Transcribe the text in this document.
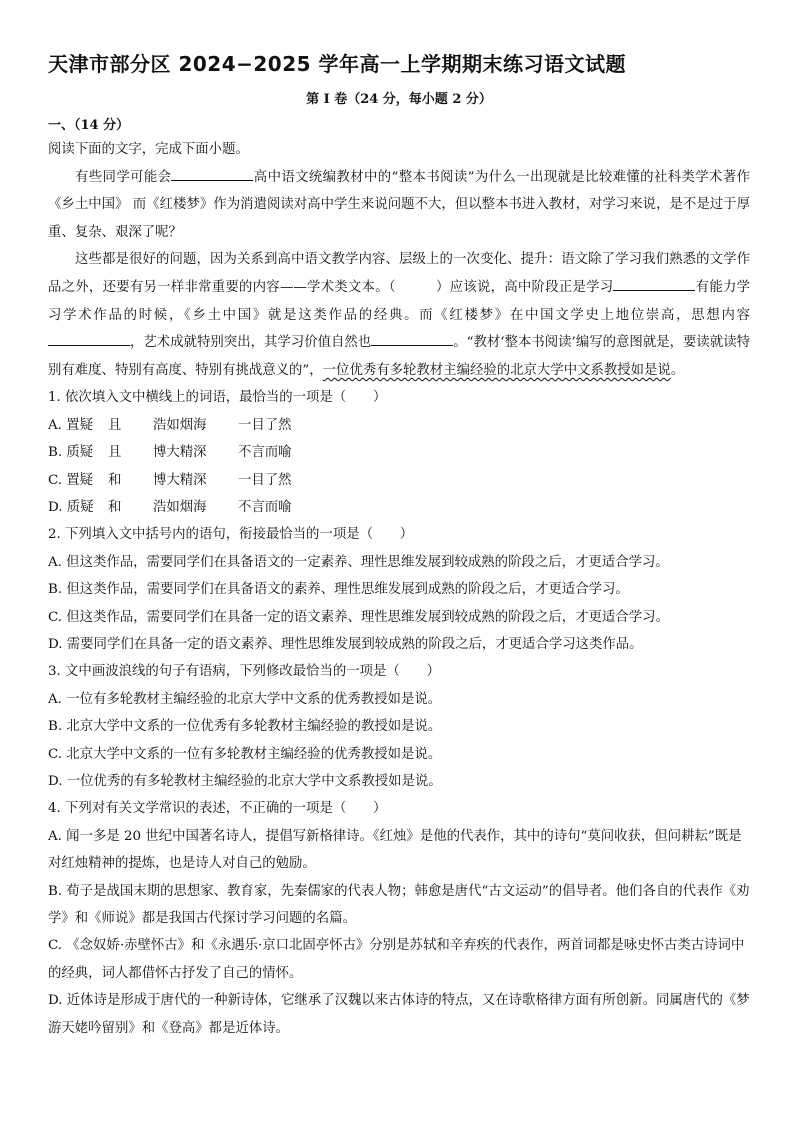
天津市部分区 2024−2025 学年高一上学期期末练习语文试题
第 I 卷（24 分，每小题 2 分）
一、（14 分）

阅读下面的文字，完成下面小题。

有些同学可能会	高中语文统编教材中的“整本书阅读”为什么一出现就是比较难懂的社科类学术著作《乡土中国》 而《红楼梦》作为消遣阅读对高中学生来说问题不大，但以整本书进入教材，对学习来说，是不是过于厚重、复杂、艰深了呢？

这些都是很好的问题，因为关系到高中语文教学内容、层级上的一次变化、提升：语文除了学习我们熟悉的文学作品之外，还要有另一样非常重要的内容——学术类文本。（	）应该说，高中阶段正是学习	有能力学习学术作品的时候，《乡土中国》就是这类作品的经典。而《红楼梦》在中国文学史上地位崇高，思想内容，艺术成就特别突出，其学习价值自然也	。“教材‘整本书阅读’编写的意图就是，要读就读特别有难度、特别有高度、特别有挑战意义的”，一位优秀有多轮教材主编经验的北京大学中文系教授如是说。

1. 依次填入文中横线上的词语，最恰当的一项是（　　）

A. 置疑	且	浩如烟海	一目了然
B. 质疑	且	博大精深	不言而喻
C. 置疑	和	博大精深	一目了然
D. 质疑	和	浩如烟海	不言而喻

2. 下列填入文中括号内的语句，衔接最恰当的一项是（　　）

A. 但这类作品，需要同学们在具备语文的一定素养、理性思维发展到较成熟的阶段之后，才更适合学习。

B. 但这类作品，需要同学们在具备语文的素养、理性思维发展到成熟的阶段之后，才更适合学习。

C. 但这类作品，需要同学们在具备一定的语文素养、理性思维发展到较成熟的阶段之后，才更适合学习。

D. 需要同学们在具备一定的语文素养、理性思维发展到较成熟的阶段之后，才更适合学习这类作品。

3. 文中画波浪线的句子有语病，下列修改最恰当的一项是（　　）

A. 一位有多轮教材主编经验的北京大学中文系的优秀教授如是说。

B. 北京大学中文系的一位优秀有多轮教材主编经验的教授如是说。

C. 北京大学中文系的一位有多轮教材主编经验的优秀教授如是说。

D. 一位优秀的有多轮教材主编经验的北京大学中文系教授如是说。

4. 下列对有关文学常识的表述，不正确的一项是（　　）

A. 闻一多是 20 世纪中国著名诗人，提倡写新格律诗。《红烛》是他的代表作，其中的诗句“莫问收获，但问耕耘”既是对红烛精神的提炼，也是诗人对自己的勉励。

B. 荀子是战国末期的思想家、教育家，先秦儒家的代表人物；韩愈是唐代“古文运动”的倡导者。他们各自的代表作《劝学》和《师说》都是我国古代探讨学习问题的名篇。

C. 《念奴娇·赤壁怀古》和《永遇乐·京口北固亭怀古》分别是苏轼和辛弃疾的代表作，两首词都是咏史怀古类古诗词中的经典，词人都借怀古抒发了自己的情怀。

D. 近体诗是形成于唐代的一种新诗体，它继承了汉魏以来古体诗的特点，又在诗歌格律方面有所创新。同属唐代的《梦游天姥吟留别》和《登高》都是近体诗。
